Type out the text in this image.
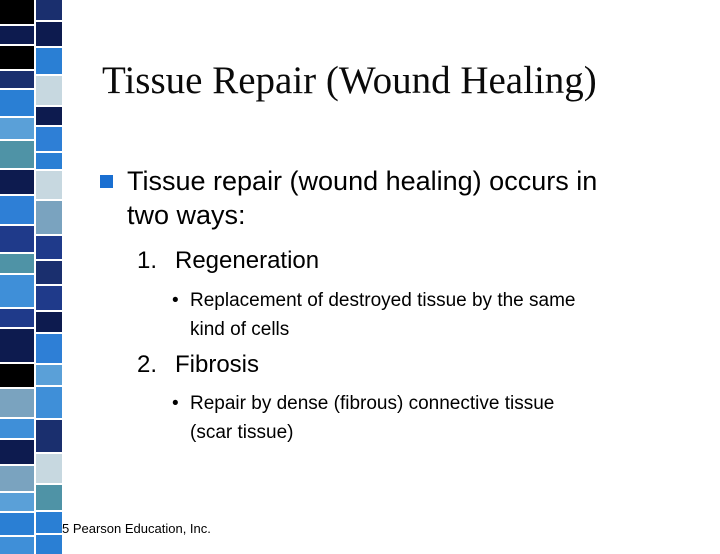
Tissue Repair (Wound Healing)
Tissue repair (wound healing) occurs in
two ways:
1. Regeneration
• Replacement of destroyed tissue by the same
kind of cells
2. Fibrosis
• Repair by dense (fibrous) connective tissue
(scar tissue)
5 Pearson Education, Inc.
